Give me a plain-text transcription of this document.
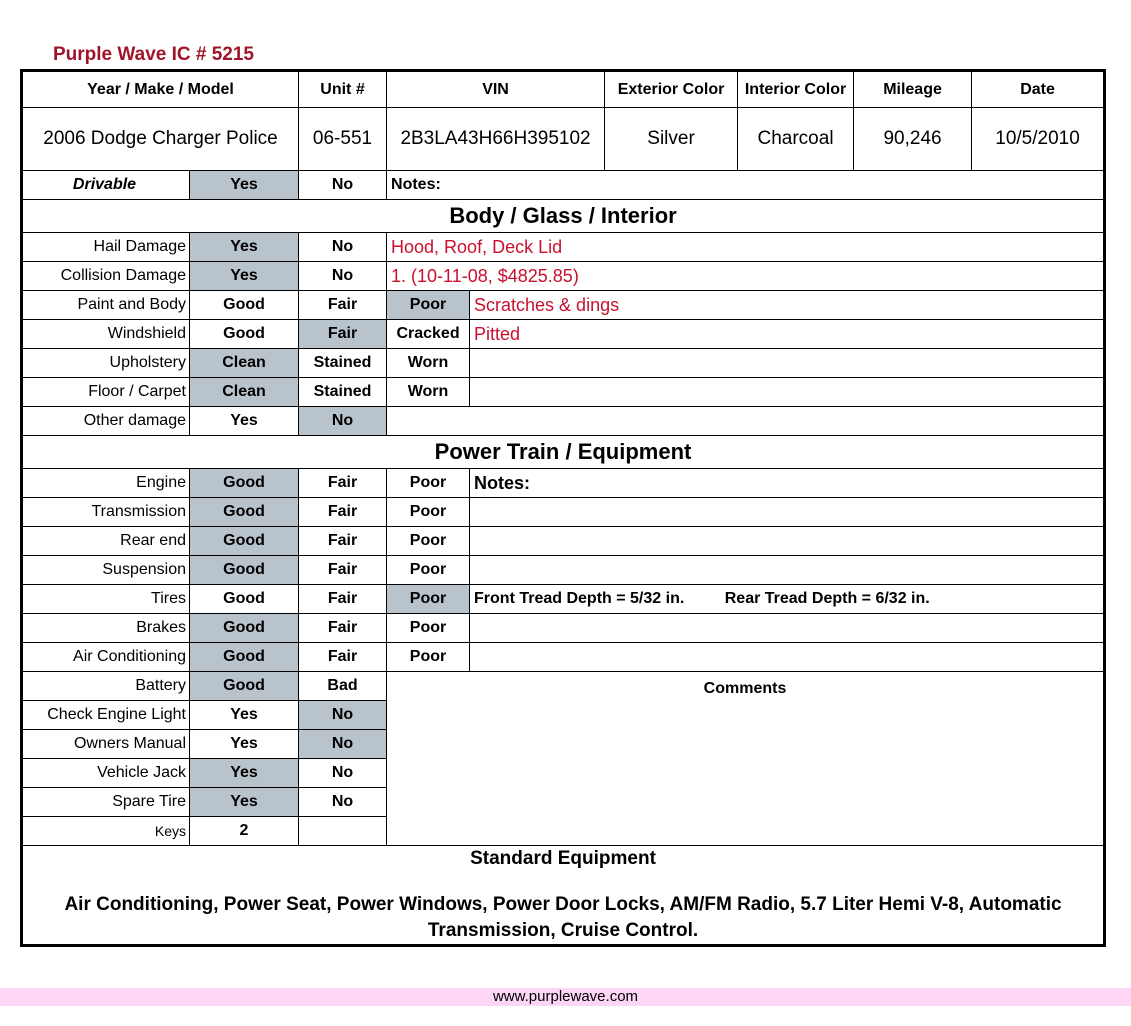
Purple Wave IC # 5215
Year / Make / Model		Unit #	VIN		Exterior Color	Interior Color	Mileage	Date
2006 Dodge Charger Police		06-551	2B3LA43H66H395102		Silver	Charcoal	90,246	10/5/2010
Drivable	Yes	No	Notes:					
Body / Glass / Interior								
Hail Damage	Yes	No	Hood, Roof, Deck Lid					
Collision Damage	Yes	No	1. (10-11-08, $4825.85)					
Paint and Body	Good	Fair	Poor	Scratches & dings				
Windshield	Good	Fair	Cracked	Pitted				
Upholstery	Clean	Stained	Worn					
Floor / Carpet	Clean	Stained	Worn					
Other damage	Yes	No						
Power Train / Equipment								
Engine	Good	Fair	Poor	Notes:				
Transmission	Good	Fair	Poor					
Rear end	Good	Fair	Poor					
Suspension	Good	Fair	Poor					
Tires	Good	Fair	Poor	Front Tread Depth = 5/32 in. Rear Tread Depth = 6/32 in.				
Brakes	Good	Fair	Poor					
Air Conditioning	Good	Fair	Poor					
Battery	Good	Bad	Comments					
Check Engine Light	Yes	No						
Owners Manual	Yes	No						
Vehicle Jack	Yes	No						
Spare Tire	Yes	No						
Keys	2							

Standard Equipment
Air Conditioning, Power Seat, Power Windows, Power Door Locks, AM/FM Radio, 5.7 Liter Hemi V-8, Automatic Transmission, Cruise Control.								
www.purplewave.com
